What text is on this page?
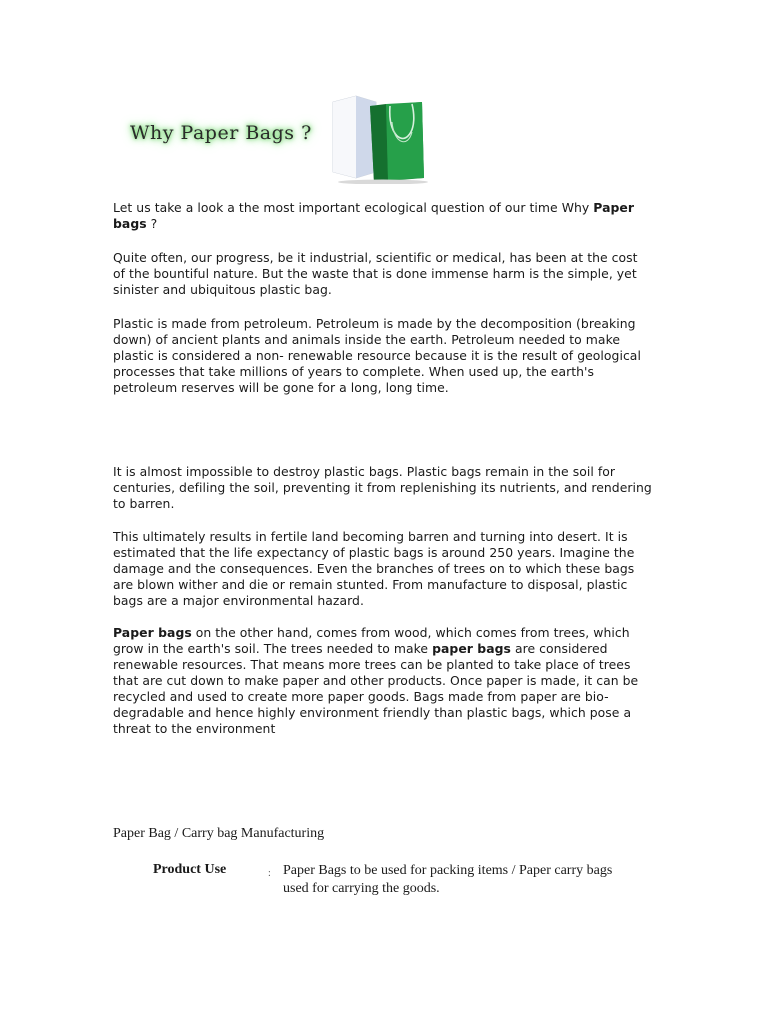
Why Paper Bags ?

Let us take a look a the most important ecological question of our time Why Paper bags ?

Quite often, our progress, be it industrial, scientific or medical, has been at the cost of the bountiful nature. But the waste that is done immense harm is the simple, yet sinister and ubiquitous plastic bag.

Plastic is made from petroleum. Petroleum is made by the decomposition (breaking down) of ancient plants and animals inside the earth. Petroleum needed to make plastic is considered a non- renewable resource because it is the result of geological processes that take millions of years to complete. When used up, the earth's petroleum reserves will be gone for a long, long time.

It is almost impossible to destroy plastic bags. Plastic bags remain in the soil for centuries, defiling the soil, preventing it from replenishing its nutrients, and rendering to barren.

This ultimately results in fertile land becoming barren and turning into desert. It is estimated that the life expectancy of plastic bags is around 250 years. Imagine the damage and the consequences. Even the branches of trees on to which these bags are blown wither and die or remain stunted. From manufacture to disposal, plastic bags are a major environmental hazard.

Paper bags on the other hand, comes from wood, which comes from trees, which grow in the earth's soil. The trees needed to make paper bags are considered renewable resources. That means more trees can be planted to take place of trees that are cut down to make paper and other products. Once paper is made, it can be recycled and used to create more paper goods. Bags made from paper are bio-degradable and hence highly environment friendly than plastic bags, which pose a threat to the environment

Paper Bag / Carry bag Manufacturing
Product Use	: Paper Bags to be used for packing items / Paper carry bags used for carrying the goods.
